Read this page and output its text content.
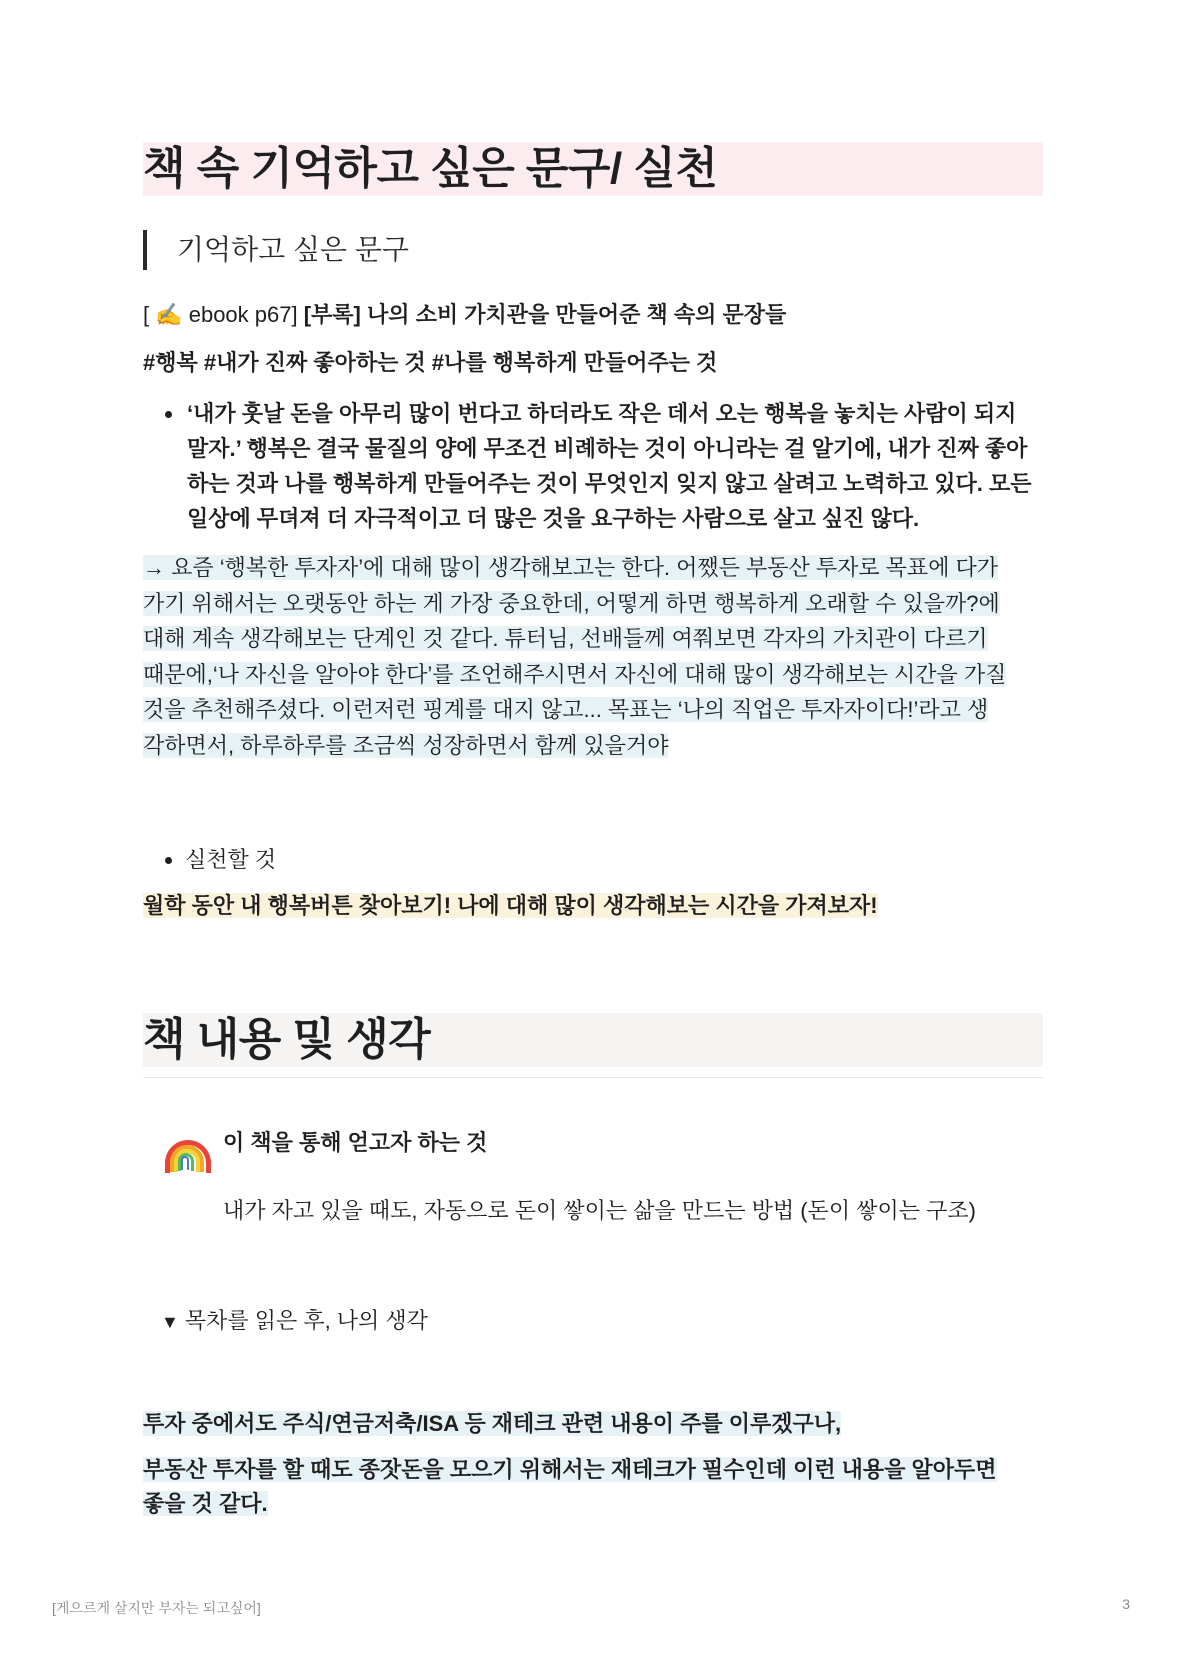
책 속 기억하고 싶은 문구/ 실천
기억하고 싶은 문구
[ ✍️ ebook p67] [부록] 나의 소비 가치관을 만들어준 책 속의 문장들
#행복 #내가 진짜 좋아하는 것 #나를 행복하게 만들어주는 것
• ‘내가 훗날 돈을 아무리 많이 번다고 하더라도 작은 데서 오는 행복을 놓치는 사람이 되지 말자.’ 행복은 결국 물질의 양에 무조건 비례하는 것이 아니라는 걸 알기에, 내가 진짜 좋아하는 것과 나를 행복하게 만들어주는 것이 무엇인지 잊지 않고 살려고 노력하고 있다. 모든 일상에 무뎌져 더 자극적이고 더 많은 것을 요구하는 사람으로 살고 싶진 않다.
→ 요즘 ‘행복한 투자자’에 대해 많이 생각해보고는 한다. 어쨌든 부동산 투자로 목표에 다가
가기 위해서는 오랫동안 하는 게 가장 중요한데, 어떻게 하면 행복하게 오래할 수 있을까?에
대해 계속 생각해보는 단계인 것 같다. 튜터님, 선배들께 여쭤보면 각자의 가치관이 다르기
때문에,‘나 자신을 알아야 한다’를 조언해주시면서 자신에 대해 많이 생각해보는 시간을 가질
것을 추천해주셨다. 이런저런 핑계를 대지 않고... 목표는 ‘나의 직업은 투자자이다!’라고 생
각하면서, 하루하루를 조금씩 성장하면서 함께 있을거야
• 실천할 것
월학 동안 내 행복버튼 찾아보기! 나에 대해 많이 생각해보는 시간을 가져보자!
책 내용 및 생각
이 책을 통해 얻고자 하는 것
내가 자고 있을 때도, 자동으로 돈이 쌓이는 삶을 만드는 방법 (돈이 쌓이는 구조)
▼ 목차를 읽은 후, 나의 생각
투자 중에서도 주식/연금저축/ISA 등 재테크 관련 내용이 주를 이루겠구나,
부동산 투자를 할 때도 종잣돈을 모으기 위해서는 재테크가 필수인데 이런 내용을 알아두면
좋을 것 같다.
[게으르게 살지만 부자는 되고싶어]	3
